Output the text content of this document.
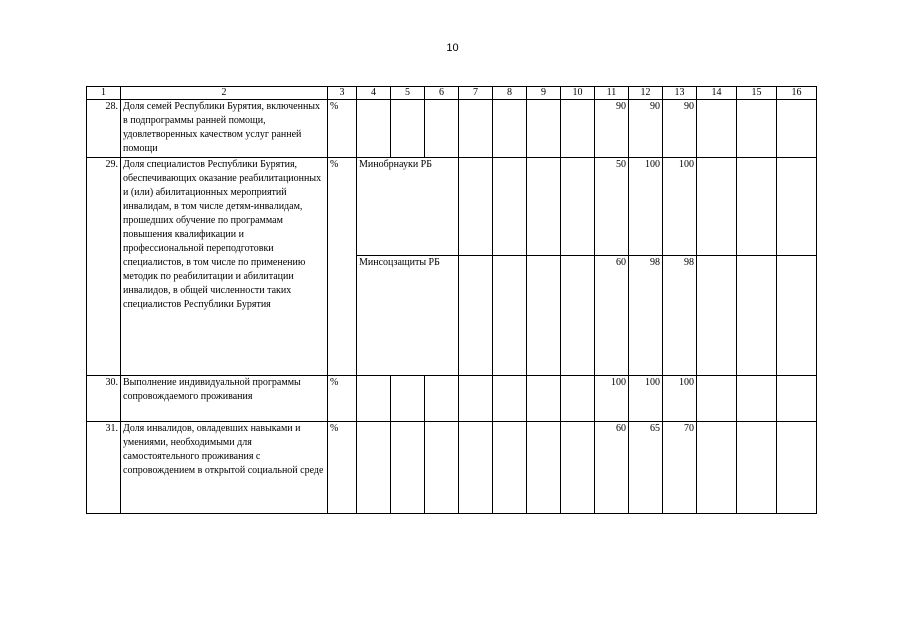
10
1	2	3	4	5	6	7	8	9	10	11	12	13	14	15	16
28.	Доля семей Республики Бурятия, включенных в подпрограммы ранней помощи, удовлетворенных качеством услуг ранней помощи	%								90	90	90			
29.	Доля специалистов Республики Бурятия, обеспечивающих оказание реабилитационных и (или) абилитационных мероприятий инвалидам, в том числе детям-инвалидам, прошедших обучение по программам повышения квалификации и профессиональной переподготовки специалистов, в том числе по применению методик по реабилитации и абилитации инвалидов, в общей численности таких специалистов Республики Бурятия	%	Минобрнауки РБ							50	100	100			
			Минсоцзащиты РБ							60	98	98			
30.	Выполнение индивидуальной программы сопровождаемого проживания	%								100	100	100			
31.	Доля инвалидов, овладевших навыками и умениями, необходимыми для самостоятельного проживания с сопровождением в открытой социальной среде	%								60	65	70			
